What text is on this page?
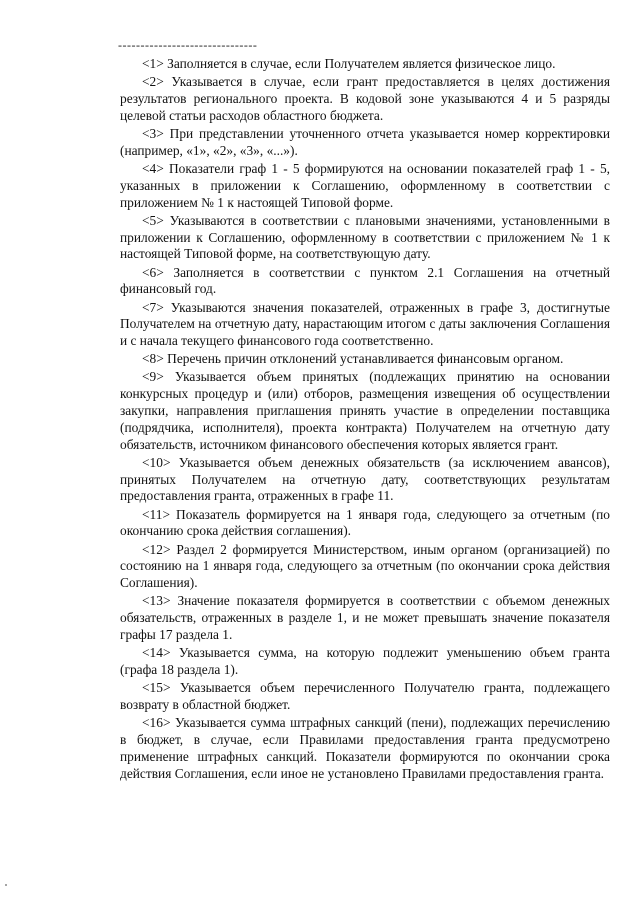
-------------------------------

<1> Заполняется в случае, если Получателем является физическое лицо.

<2> Указывается в случае, если грант предоставляется в целях достижения результатов регионального проекта. В кодовой зоне указываются 4 и 5 разряды целевой статьи расходов областного бюджета.

<3> При представлении уточненного отчета указывается номер корректировки (например, «1», «2», «3», «...»).

<4> Показатели граф 1 - 5 формируются на основании показателей граф 1 - 5, указанных в приложении к Соглашению, оформленному в соответствии с приложением № 1 к настоящей Типовой форме.

<5> Указываются в соответствии с плановыми значениями, установленными в приложении к Соглашению, оформленному в соответствии с приложением № 1 к настоящей Типовой форме, на соответствующую дату.

<6> Заполняется в соответствии с пунктом 2.1 Соглашения на отчетный финансовый год.

<7> Указываются значения показателей, отраженных в графе 3, достигнутые Получателем на отчетную дату, нарастающим итогом с даты заключения Соглашения и с начала текущего финансового года соответственно.

<8> Перечень причин отклонений устанавливается финансовым органом.

<9> Указывается объем принятых (подлежащих принятию на основании конкурсных процедур и (или) отборов, размещения извещения об осуществлении закупки, направления приглашения принять участие в определении поставщика (подрядчика, исполнителя), проекта контракта) Получателем на отчетную дату обязательств, источником финансового обеспечения которых является грант.

<10> Указывается объем денежных обязательств (за исключением авансов), принятых Получателем на отчетную дату, соответствующих результатам предоставления гранта, отраженных в графе 11.

<11> Показатель формируется на 1 января года, следующего за отчетным (по окончанию срока действия соглашения).

<12> Раздел 2 формируется Министерством, иным органом (организацией) по состоянию на 1 января года, следующего за отчетным (по окончании срока действия Соглашения).

<13> Значение показателя формируется в соответствии с объемом денежных обязательств, отраженных в разделе 1, и не может превышать значение показателя графы 17 раздела 1.

<14> Указывается сумма, на которую подлежит уменьшению объем гранта (графа 18 раздела 1).

<15> Указывается объем перечисленного Получателю гранта, подлежащего возврату в областной бюджет.

<16> Указывается сумма штрафных санкций (пени), подлежащих перечислению в бюджет, в случае, если Правилами предоставления гранта предусмотрено применение штрафных санкций. Показатели формируются по окончании срока действия Соглашения, если иное не установлено Правилами предоставления гранта.
